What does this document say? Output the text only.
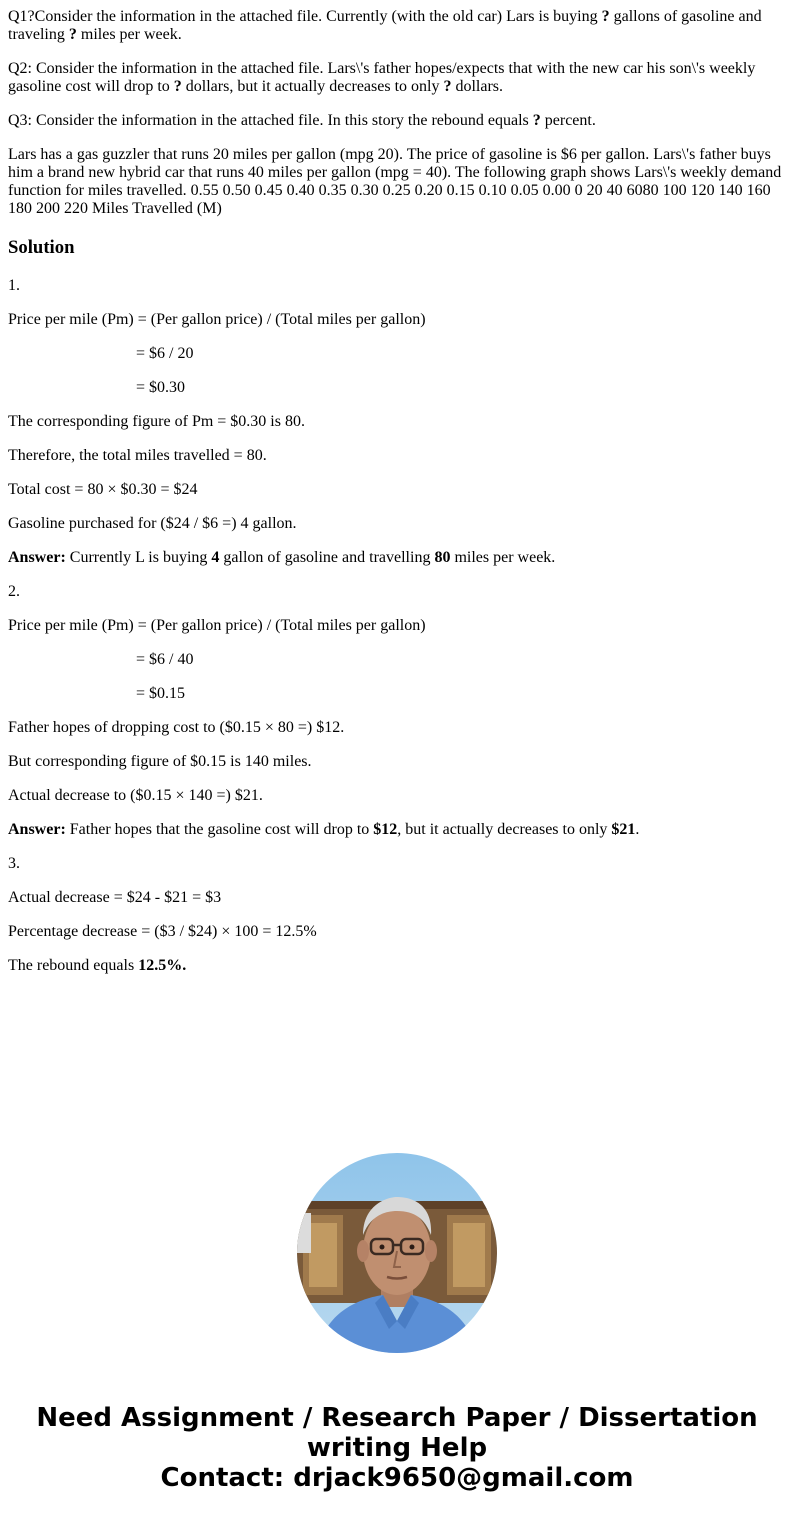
Q1?Consider the information in the attached file. Currently (with the old car) Lars is buying ? gallons of gasoline and traveling ? miles per week.

Q2: Consider the information in the attached file. Lars\'s father hopes/expects that with the new car his son\'s weekly gasoline cost will drop to ? dollars, but it actually decreases to only ? dollars.

Q3: Consider the information in the attached file. In this story the rebound equals ? percent.

Lars has a gas guzzler that runs 20 miles per gallon (mpg 20). The price of gasoline is $6 per gallon. Lars\'s father buys him a brand new hybrid car that runs 40 miles per gallon (mpg = 40). The following graph shows Lars\'s weekly demand function for miles travelled. 0.55 0.50 0.45 0.40 0.35 0.30 0.25 0.20 0.15 0.10 0.05 0.00 0 20 40 6080 100 120 140 160 180 200 220 Miles Travelled (M)

Solution

1.

Price per mile (Pm) = (Per gallon price) / (Total miles per gallon)

= $6 / 20

= $0.30

The corresponding figure of Pm = $0.30 is 80.

Therefore, the total miles travelled = 80.

Total cost = 80 × $0.30 = $24

Gasoline purchased for ($24 / $6 =) 4 gallon.

Answer: Currently L is buying 4 gallon of gasoline and travelling 80 miles per week.

2.

Price per mile (Pm) = (Per gallon price) / (Total miles per gallon)

= $6 / 40

= $0.15

Father hopes of dropping cost to ($0.15 × 80 =) $12.

But corresponding figure of $0.15 is 140 miles.

Actual decrease to ($0.15 × 140 =) $21.

Answer: Father hopes that the gasoline cost will drop to $12, but it actually decreases to only $21.

3.

Actual decrease = $24 - $21 = $3

Percentage decrease = ($3 / $24) × 100 = 12.5%

The rebound equals 12.5%.

Need Assignment / Research Paper / Dissertation
writing Help
Contact: drjack9650@gmail.com
